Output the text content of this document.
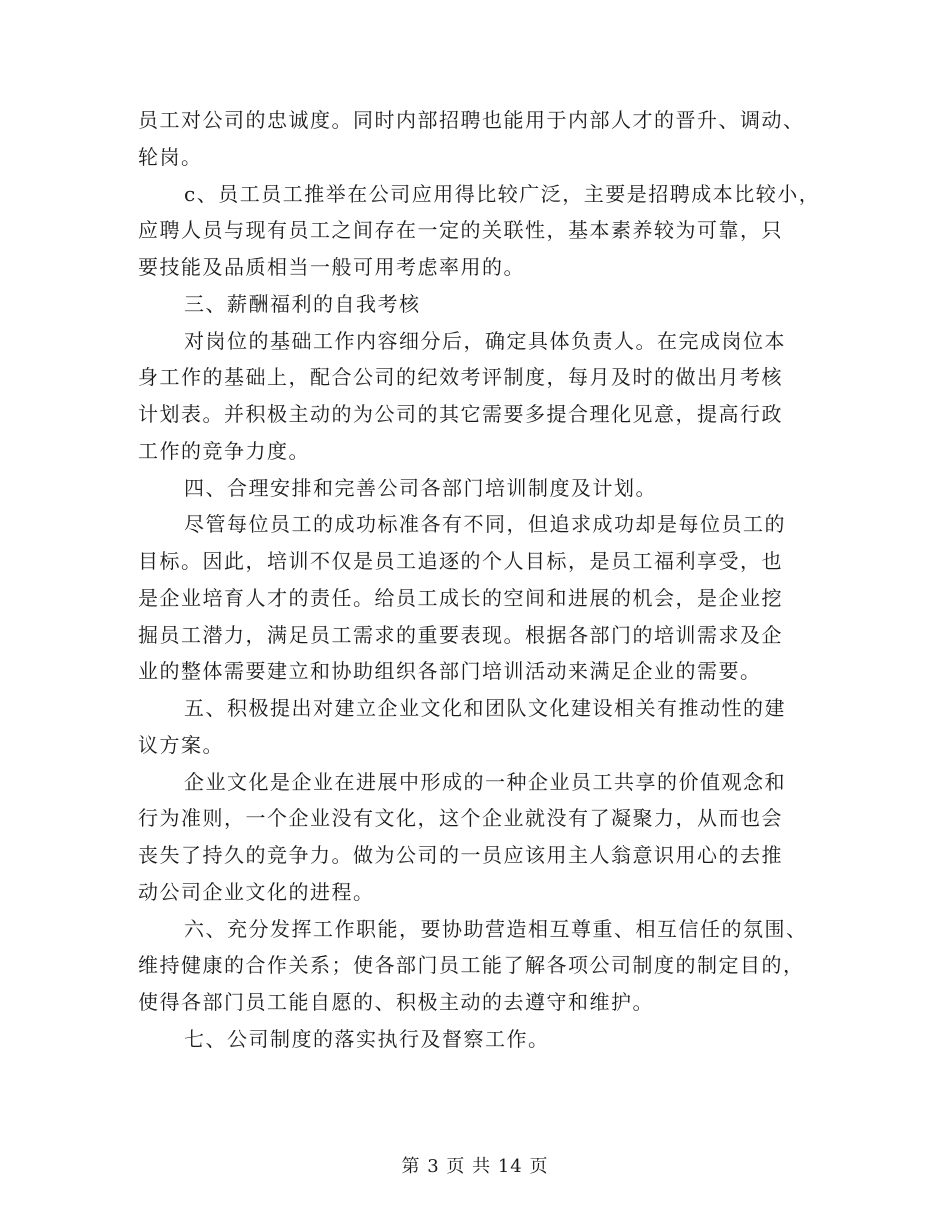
员工对公司的忠诚度。同时内部招聘也能用于内部人才的晋升、调动、
轮岗。
c、员工员工推举在公司应用得比较广泛，主要是招聘成本比较小，
应聘人员与现有员工之间存在一定的关联性，基本素养较为可靠，只
要技能及品质相当一般可用考虑率用的。
三、薪酬福利的自我考核
对岗位的基础工作内容细分后，确定具体负责人。在完成岗位本
身工作的基础上，配合公司的纪效考评制度，每月及时的做出月考核
计划表。并积极主动的为公司的其它需要多提合理化见意，提高行政
工作的竞争力度。
四、合理安排和完善公司各部门培训制度及计划。
尽管每位员工的成功标准各有不同，但追求成功却是每位员工的
目标。因此，培训不仅是员工追逐的个人目标，是员工福利享受，也
是企业培育人才的责任。给员工成长的空间和进展的机会，是企业挖
掘员工潜力，满足员工需求的重要表现。根据各部门的培训需求及企
业的整体需要建立和协助组织各部门培训活动来满足企业的需要。
五、积极提出对建立企业文化和团队文化建设相关有推动性的建
议方案。
企业文化是企业在进展中形成的一种企业员工共享的价值观念和
行为准则，一个企业没有文化，这个企业就没有了凝聚力，从而也会
丧失了持久的竞争力。做为公司的一员应该用主人翁意识用心的去推
动公司企业文化的进程。
六、充分发挥工作职能，要协助营造相互尊重、相互信任的氛围、
维持健康的合作关系；使各部门员工能了解各项公司制度的制定目的，
使得各部门员工能自愿的、积极主动的去遵守和维护。
七、公司制度的落实执行及督察工作。
第 3 页 共 14 页
